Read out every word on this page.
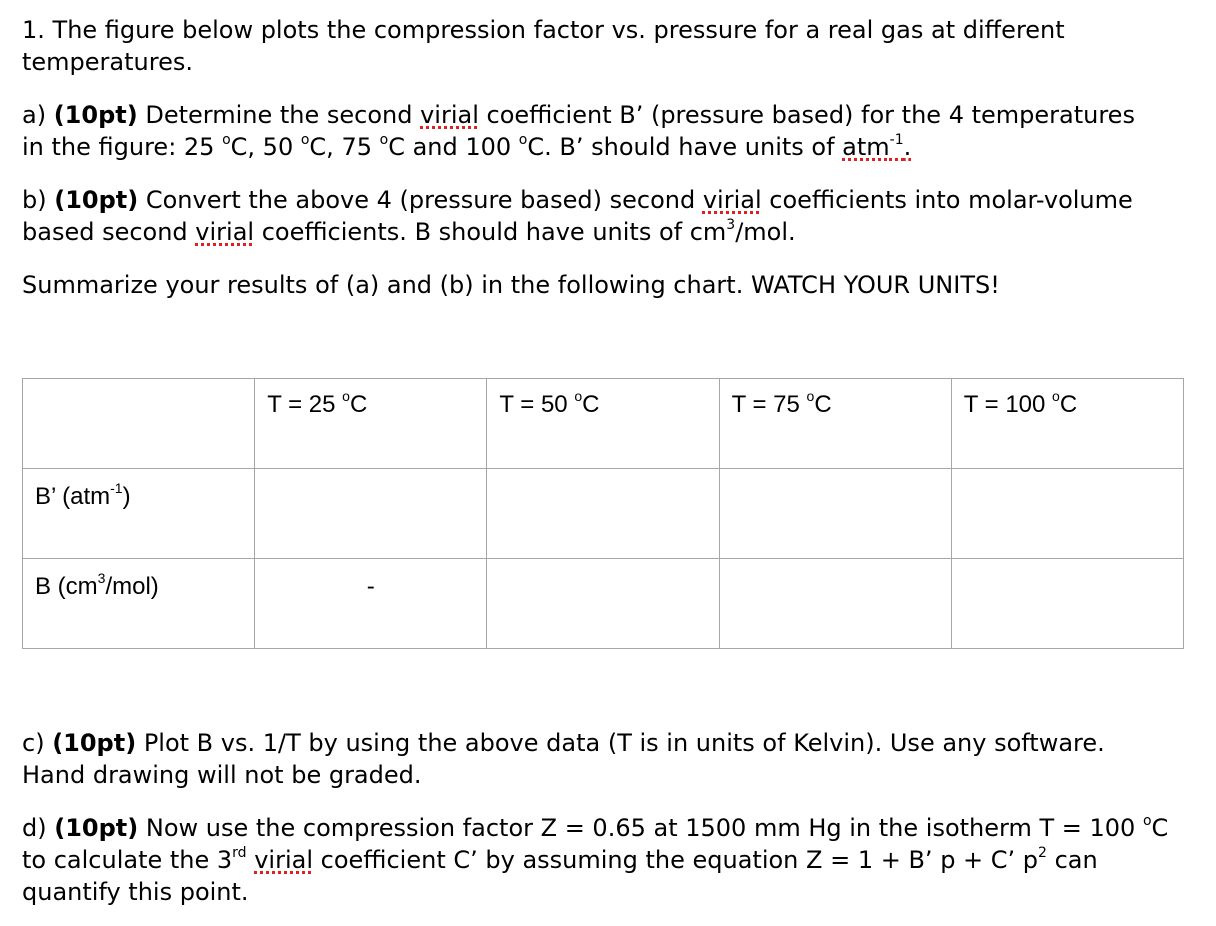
1. The figure below plots the compression factor vs. pressure for a real gas at different
temperatures.

a) (10pt) Determine the second virial coefficient B’ (pressure based) for the 4 temperatures
in the figure: 25 $^o$C, 50 $^o$C, 75 $^o$C and 100 $^o$C. B’ should have units of atm$^{-1}$.

b) (10pt) Convert the above 4 (pressure based) second virial coefficients into molar-volume
based second virial coefficients. B should have units of $cm^3$/mol.

Summarize your results of (a) and (b) in the following chart. WATCH YOUR UNITS!

	T = 25 $^o$C	T = 50 $^o$C	T = 75 $^o$C	T = 100 $^o$C
B’ (atm$^{-1}$)				
B $(cm^3/mol)$	-			

c) (10pt) Plot B vs. 1/T by using the above data (T is in units of Kelvin). Use any software.
Hand drawing will not be graded.

d) (10pt) Now use the compression factor Z = 0.65 at 1500 mm Hg in the isotherm T = 100 $^o$C
to calculate the 3rd virial coefficient C’ by assuming the equation Z = 1 + B’ p + C’ $p^2$ can
quantify this point.
